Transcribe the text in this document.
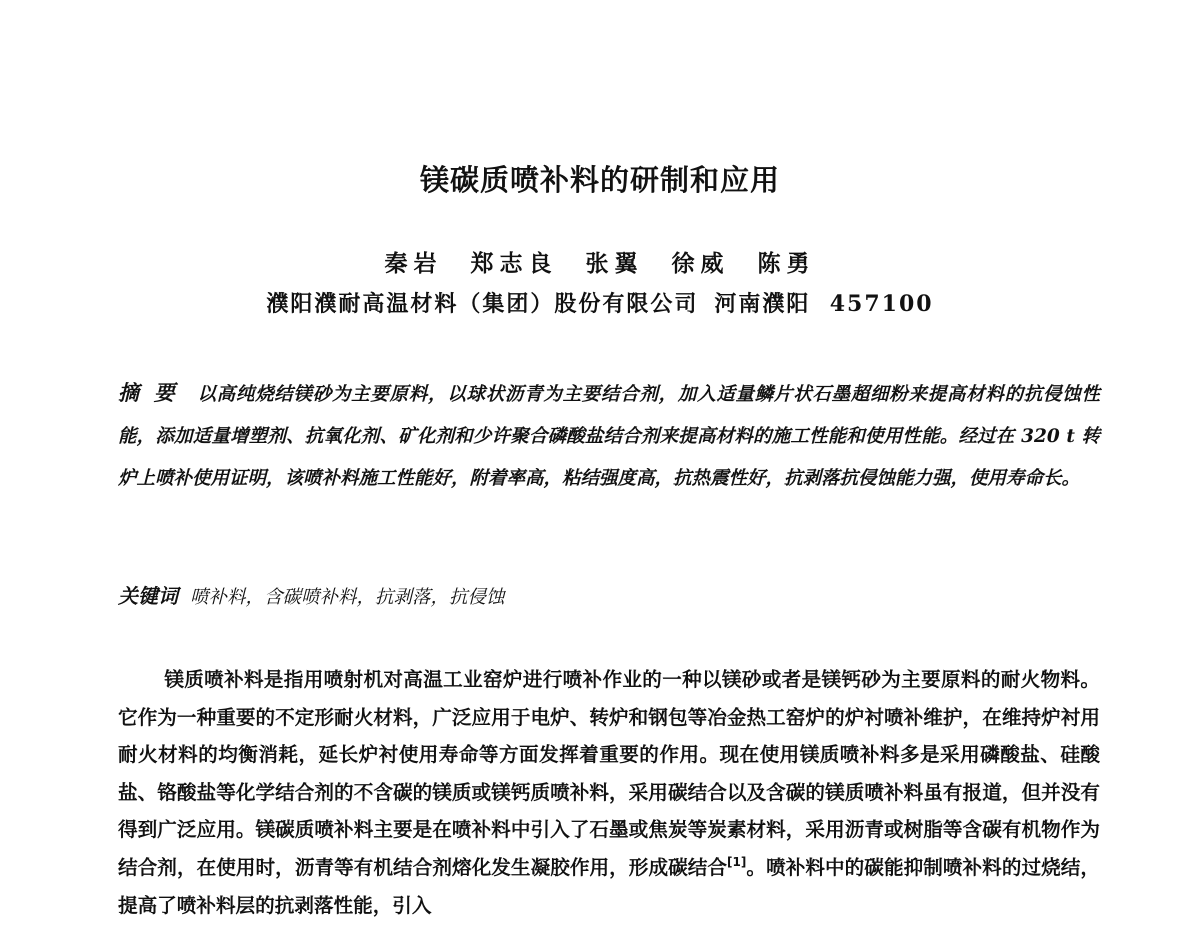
镁碳质喷补料的研制和应用
秦岩 郑志良 张翼 徐威 陈勇
濮阳濮耐高温材料（集团）股份有限公司 河南濮阳 457100
摘要 以高纯烧结镁砂为主要原料，以球状沥青为主要结合剂，加入适量鳞片状石墨超细粉来提高材料的抗侵蚀性能，添加适量增塑剂、抗氧化剂、矿化剂和少许聚合磷酸盐结合剂来提高材料的施工性能和使用性能。经过在 320 t 转炉上喷补使用证明，该喷补料施工性能好，附着率高，粘结强度高，抗热震性好，抗剥落抗侵蚀能力强，使用寿命长。
关键词 喷补料，含碳喷补料，抗剥落，抗侵蚀
镁质喷补料是指用喷射机对高温工业窑炉进行喷补作业的一种以镁砂或者是镁钙砂为主要原料的耐火物料。它作为一种重要的不定形耐火材料，广泛应用于电炉、转炉和钢包等冶金热工窑炉的炉衬喷补维护，在维持炉衬用耐火材料的均衡消耗，延长炉衬使用寿命等方面发挥着重要的作用。现在使用镁质喷补料多是采用磷酸盐、硅酸盐、铬酸盐等化学结合剂的不含碳的镁质或镁钙质喷补料，采用碳结合以及含碳的镁质喷补料虽有报道，但并没有得到广泛应用。镁碳质喷补料主要是在喷补料中引入了石墨或焦炭等炭素材料，采用沥青或树脂等含碳有机物作为结合剂，在使用时，沥青等有机结合剂熔化发生凝胶作用，形成碳结合[1]。喷补料中的碳能抑制喷补料的过烧结，提高了喷补料层的抗剥落性能，引入
